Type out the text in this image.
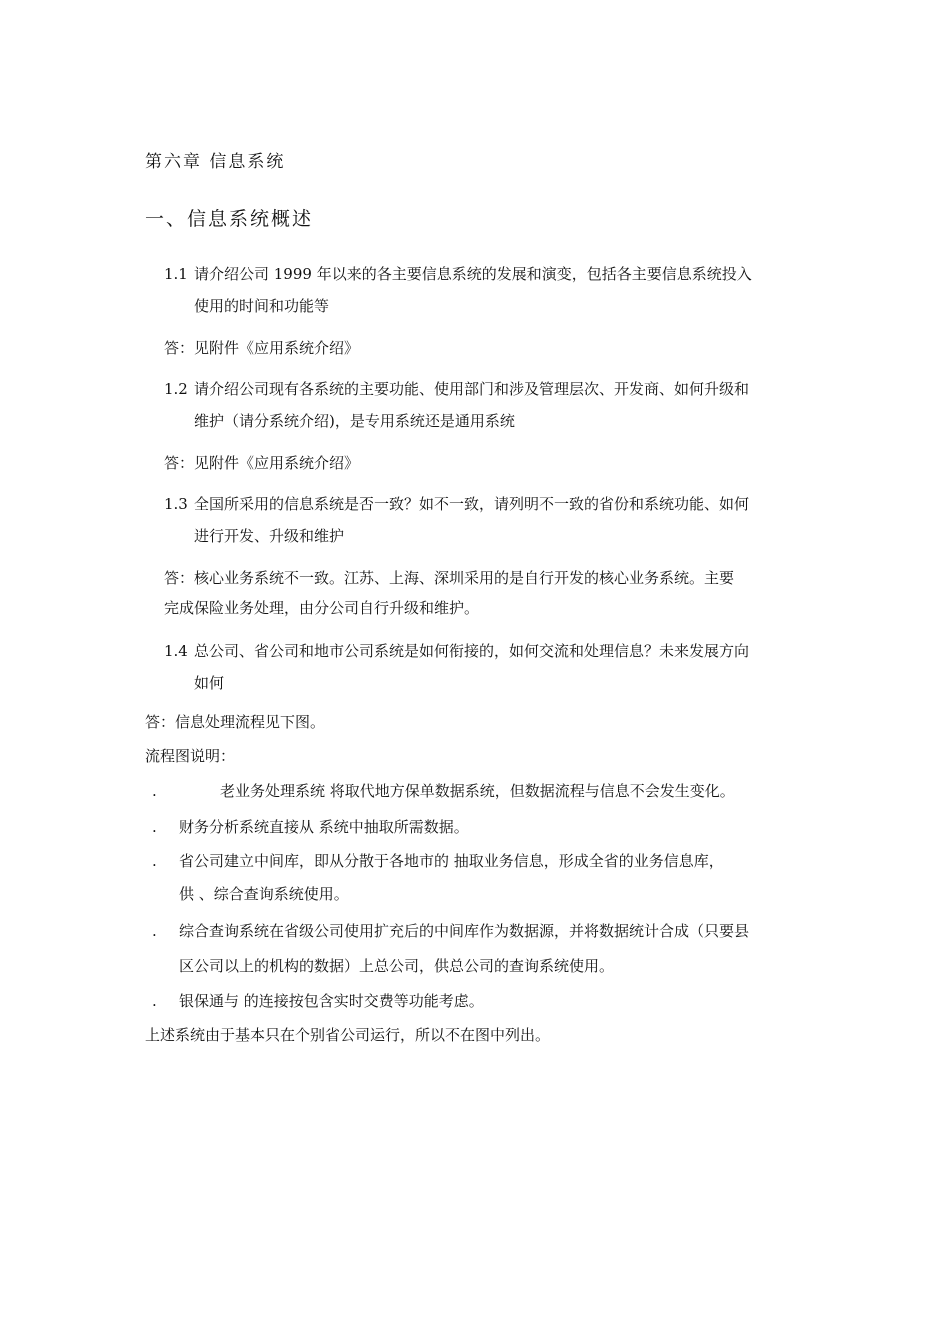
第六章 信息系统
一、信息系统概述
1.1 请介绍公司 1999 年以来的各主要信息系统的发展和演变，包括各主要信息系统投入
使用的时间和功能等
答：见附件《应用系统介绍》
1.2 请介绍公司现有各系统的主要功能、使用部门和涉及管理层次、开发商、如何升级和
维护（请分系统介绍)，是专用系统还是通用系统
答：见附件《应用系统介绍》
1.3 全国所采用的信息系统是否一致？如不一致，请列明不一致的省份和系统功能、如何
进行开发、升级和维护
答：核心业务系统不一致。江苏、上海、深圳采用的是自行开发的核心业务系统。主要
完成保险业务处理，由分公司自行升级和维护。
1.4 总公司、省公司和地市公司系统是如何衔接的，如何交流和处理信息？未来发展方向
如何
答：信息处理流程见下图。
流程图说明：
.	老业务处理系统 将取代地方保单数据系统，但数据流程与信息不会发生变化。
. 财务分析系统直接从 系统中抽取所需数据。
. 省公司建立中间库，即从分散于各地市的 抽取业务信息，形成全省的业务信息库，
供 、综合查询系统使用。
. 综合查询系统在省级公司使用扩充后的中间库作为数据源，并将数据统计合成（只要县
区公司以上的机构的数据）上总公司，供总公司的查询系统使用。
. 银保通与 的连接按包含实时交费等功能考虑。
上述系统由于基本只在个别省公司运行，所以不在图中列出。
